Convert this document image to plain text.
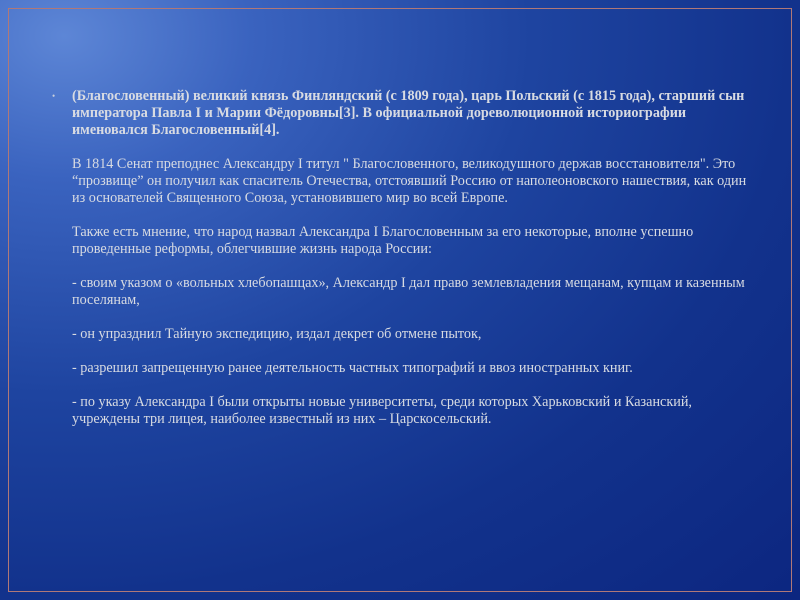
•	(Благословенный) великий князь Финляндский (с 1809 года), царь Польский (с 1815 года), старший сын императора Павла I и Марии Фёдоровны[3]. В официальной дореволюционной историографии именовался Благословенный[4].

В 1814 Сенат преподнес Александру I титул " Благословенного, великодушного держав восстановителя". Это “прозвище” он получил как спаситель Отечества, отстоявший Россию от наполеоновского нашествия, как один из основателей Священного Союза, установившего мир во всей Европе.

Также есть мнение, что народ назвал Александра I Благословенным за его некоторые, вполне успешно проведенные реформы, облегчившие жизнь народа России:

- своим указом о «вольных хлебопашцах», Александр I дал право землевладения мещанам, купцам и казенным поселянам,

- он упразднил Тайную экспедицию, издал декрет об отмене пыток,

- разрешил запрещенную ранее деятельность частных типографий и ввоз иностранных книг.

- по указу Александра I были открыты новые университеты, среди которых Харьковский и Казанский, учреждены три лицея, наиболее известный из них – Царскосельский.
